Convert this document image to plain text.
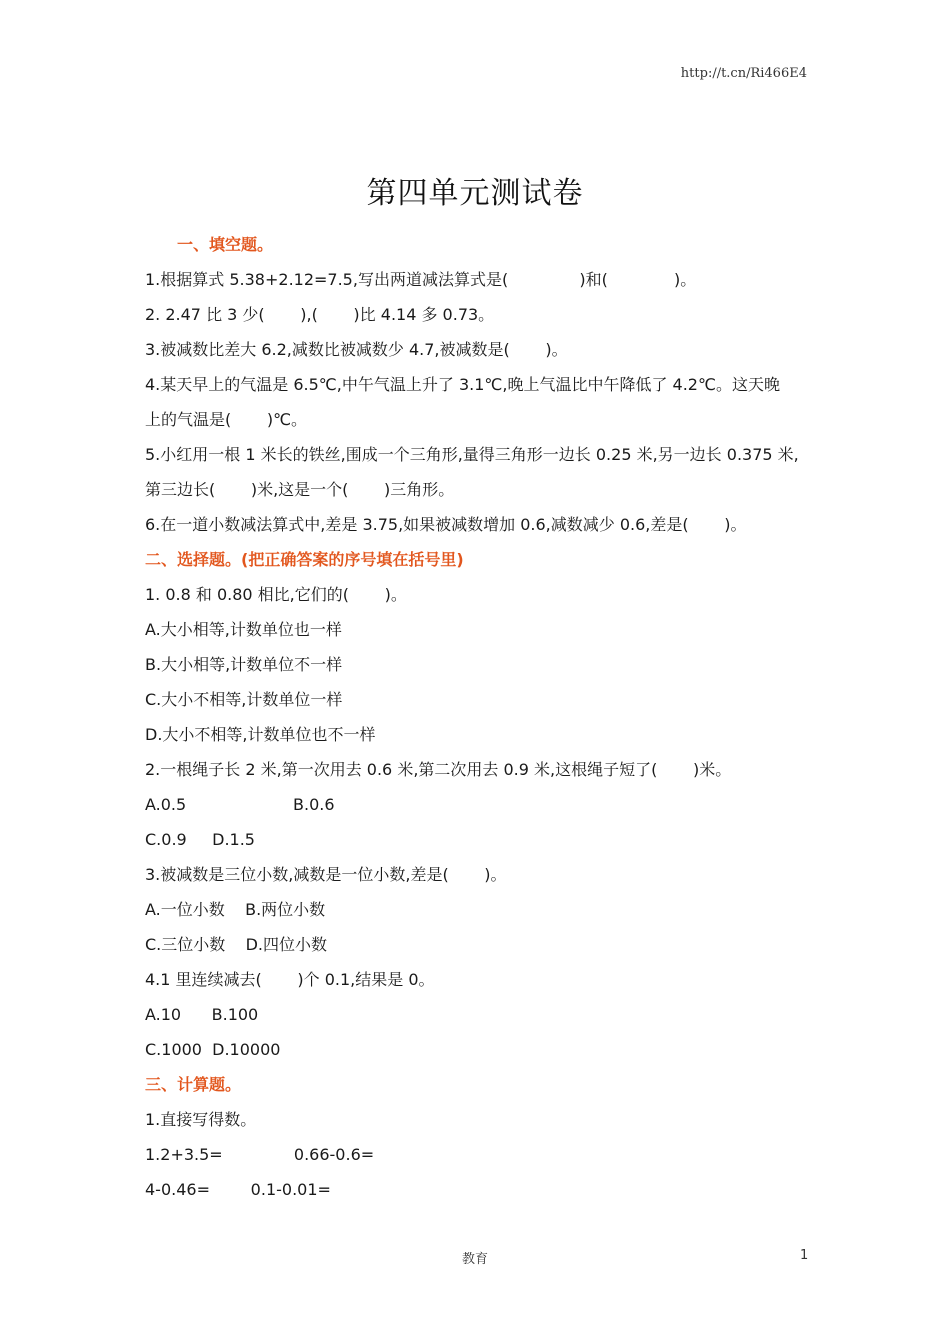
http://t.cn/Ri466E4
第四单元测试卷
一、填空题。
1.根据算式 5.38+2.12=7.5,写出两道减法算式是(              )和(             )。
2. 2.47 比 3 少(       ),(       )比 4.14 多 0.73。
3.被减数比差大 6.2,减数比被减数少 4.7,被减数是(       )。
4.某天早上的气温是 6.5℃,中午气温上升了 3.1℃,晚上气温比中午降低了 4.2℃。这天晚
上的气温是(       )℃。
5.小红用一根 1 米长的铁丝,围成一个三角形,量得三角形一边长 0.25 米,另一边长 0.375 米,
第三边长(       )米,这是一个(       )三角形。
6.在一道小数减法算式中,差是 3.75,如果被减数增加 0.6,减数减少 0.6,差是(       )。
二、选择题。(把正确答案的序号填在括号里)
1. 0.8 和 0.80 相比,它们的(       )。
A.大小相等,计数单位也一样
B.大小相等,计数单位不一样
C.大小不相等,计数单位一样
D.大小不相等,计数单位也不一样
2.一根绳子长 2 米,第一次用去 0.6 米,第二次用去 0.9 米,这根绳子短了(       )米。
A.0.5                     B.0.6
C.0.9     D.1.5
3.被减数是三位小数,减数是一位小数,差是(       )。
A.一位小数    B.两位小数
C.三位小数    D.四位小数
4.1 里连续减去(       )个 0.1,结果是 0。
A.10      B.100
C.1000  D.10000
三、计算题。
1.直接写得数。
1.2+3.5=              0.66-0.6=
4-0.46=        0.1-0.01=
教育	1
